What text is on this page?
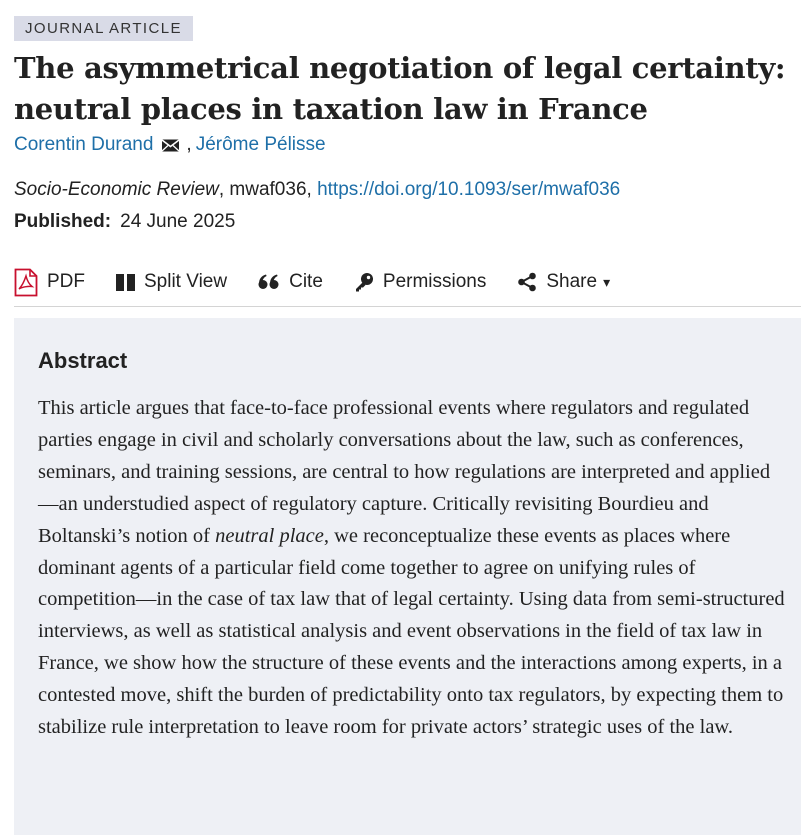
JOURNAL ARTICLE
The asymmetrical negotiation of legal certainty: neutral places in taxation law in France
Corentin Durand , Jérôme Pélisse
Socio-Economic Review, mwaf036, https://doi.org/10.1093/ser/mwaf036
Published: 24 June 2025
PDF	Split View	Cite	Permissions	Share ▾
Abstract

This article argues that face-to-face professional events where regulators and regulated parties engage in civil and scholarly conversations about the law, such as conferences, seminars, and training sessions, are central to how regulations are interpreted and applied—an understudied aspect of regulatory capture. Critically revisiting Bourdieu and Boltanski’s notion of neutral place, we reconceptualize these events as places where dominant agents of a particular field come together to agree on unifying rules of competition—in the case of tax law that of legal certainty. Using data from semi-structured interviews, as well as statistical analysis and event observations in the field of tax law in France, we show how the structure of these events and the interactions among experts, in a contested move, shift the burden of predictability onto tax regulators, by expecting them to stabilize rule interpretation to leave room for private actors’ strategic uses of the law.
